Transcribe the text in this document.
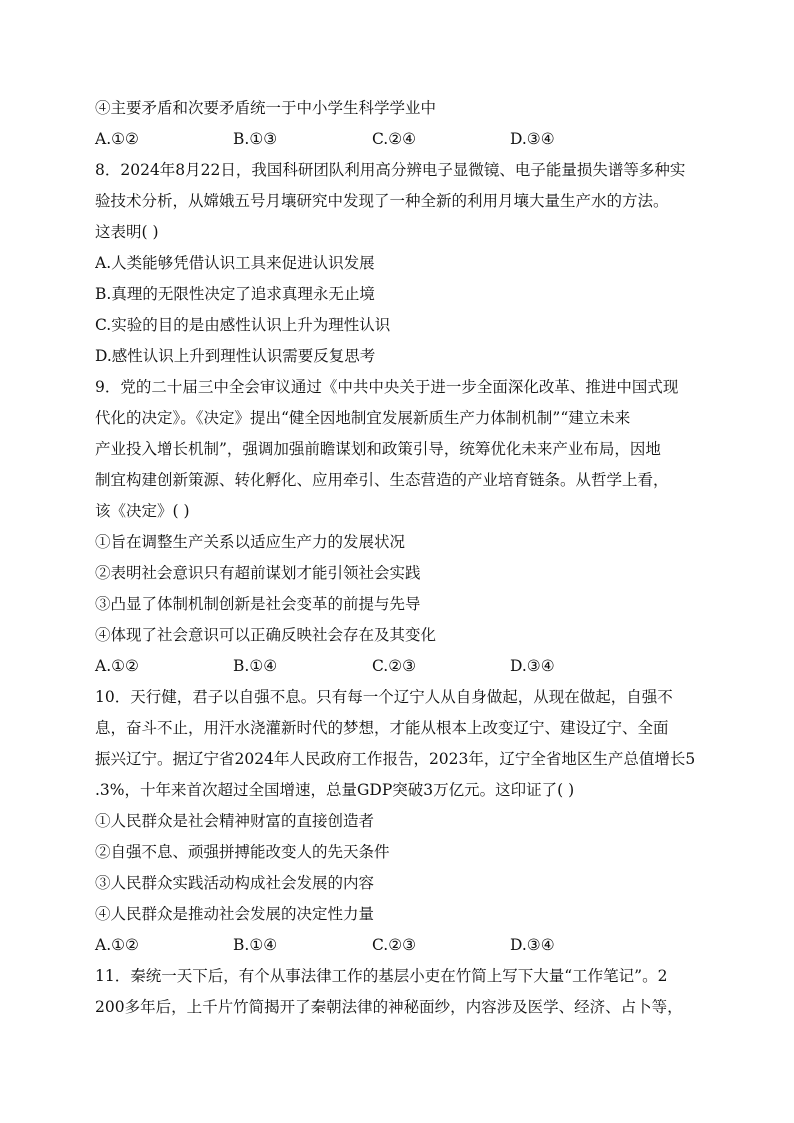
④主要矛盾和次要矛盾统一于中小学生科学学业中
A.①②	B.①③	C.②④	D.③④
8．2024年8月22日，我国科研团队利用高分辨电子显微镜、电子能量损失谱等多种实
验技术分析，从嫦娥五号月壤研究中发现了一种全新的利用月壤大量生产水的方法。
这表明( )
A.人类能够凭借认识工具来促进认识发展
B.真理的无限性决定了追求真理永无止境
C.实验的目的是由感性认识上升为理性认识
D.感性认识上升到理性认识需要反复思考
9．党的二十届三中全会审议通过《中共中央关于进一步全面深化改革、推进中国式现
代化的决定》。《决定》提出“健全因地制宜发展新质生产力体制机制”“建立未来
产业投入增长机制”，强调加强前瞻谋划和政策引导，统筹优化未来产业布局，因地
制宜构建创新策源、转化孵化、应用牵引、生态营造的产业培育链条。从哲学上看，
该《决定》( )
①旨在调整生产关系以适应生产力的发展状况
②表明社会意识只有超前谋划才能引领社会实践
③凸显了体制机制创新是社会变革的前提与先导
④体现了社会意识可以正确反映社会存在及其变化
A.①②	B.①④	C.②③	D.③④
10．天行健，君子以自强不息。只有每一个辽宁人从自身做起，从现在做起，自强不
息，奋斗不止，用汗水浇灌新时代的梦想，才能从根本上改变辽宁、建设辽宁、全面
振兴辽宁。据辽宁省2024年人民政府工作报告，2023年，辽宁全省地区生产总值增长5
.3%，十年来首次超过全国增速，总量GDP突破3万亿元。这印证了( )
①人民群众是社会精神财富的直接创造者
②自强不息、顽强拼搏能改变人的先天条件
③人民群众实践活动构成社会发展的内容
④人民群众是推动社会发展的决定性力量
A.①②	B.①④	C.②③	D.③④
11．秦统一天下后，有个从事法律工作的基层小吏在竹简上写下大量“工作笔记”。2
200多年后，上千片竹简揭开了秦朝法律的神秘面纱，内容涉及医学、经济、占卜等，
